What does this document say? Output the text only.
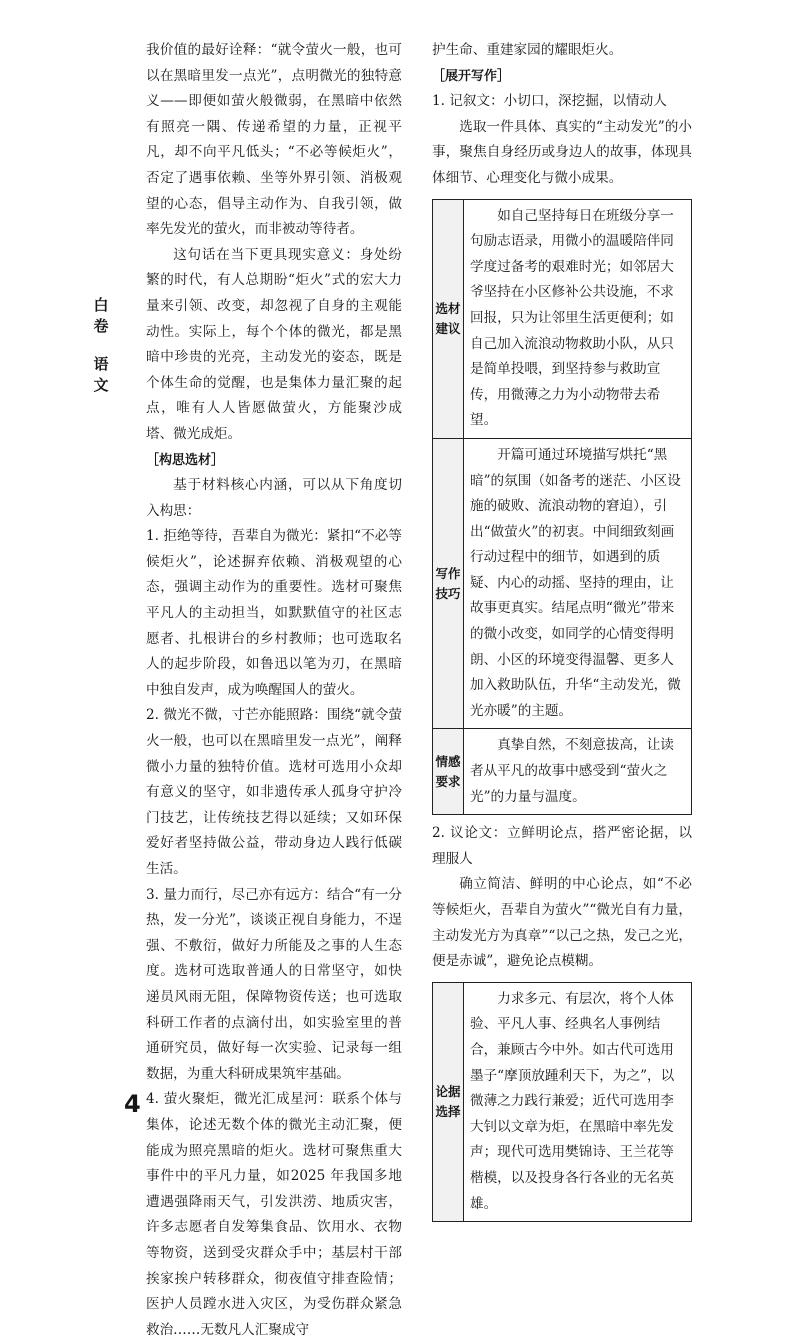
白
卷
语
文

我价值的最好诠释：“就令萤火一般，也可以在黑暗里发一点光”，点明微光的独特意义——即便如萤火般微弱，在黑暗中依然有照亮一隅、传递希望的力量，正视平凡，却不向平凡低头；“不必等候炬火”，否定了遇事依赖、坐等外界引领、消极观望的心态，倡导主动作为、自我引领，做率先发光的萤火，而非被动等待者。

这句话在当下更具现实意义：身处纷繁的时代，有人总期盼“炬火”式的宏大力量来引领、改变，却忽视了自身的主观能动性。实际上，每个个体的微光，都是黑暗中珍贵的光亮，主动发光的姿态，既是个体生命的觉醒，也是集体力量汇聚的起点，唯有人人皆愿做萤火，方能聚沙成塔、微光成炬。

［构思选材］

基于材料核心内涵，可以从下角度切入构思：

1. 拒绝等待，吾辈自为微光：紧扣“不必等候炬火”，论述摒弃依赖、消极观望的心态，强调主动作为的重要性。选材可聚焦平凡人的主动担当，如默默值守的社区志愿者、扎根讲台的乡村教师；也可选取名人的起步阶段，如鲁迅以笔为刃，在黑暗中独自发声，成为唤醒国人的萤火。

2. 微光不微，寸芒亦能照路：围绕“就令萤火一般，也可以在黑暗里发一点光”，阐释微小力量的独特价值。选材可选用小众却有意义的坚守，如非遗传承人孤身守护冷门技艺，让传统技艺得以延续；又如环保爱好者坚持做公益，带动身边人践行低碳生活。

3. 量力而行，尽己亦有远方：结合“有一分热，发一分光”，谈谈正视自身能力，不逞强、不敷衍，做好力所能及之事的人生态度。选材可选取普通人的日常坚守，如快递员风雨无阻，保障物资传送；也可选取科研工作者的点滴付出，如实验室里的普通研究员，做好每一次实验、记录每一组数据，为重大科研成果筑牢基础。

4. 萤火聚炬，微光汇成星河：联系个体与集体，论述无数个体的微光主动汇聚，便能成为照亮黑暗的炬火。选材可聚焦重大事件中的平凡力量，如2025 年我国多地遭遇强降雨天气，引发洪涝、地质灾害，许多志愿者自发筹集食品、饮用水、衣物等物资，送到受灾群众手中；基层村干部挨家挨户转移群众，彻夜值守排查险情；医护人员蹚水进入灾区，为受伤群众紧急救治……无数凡人汇聚成守

护生命、重建家园的耀眼炬火。

［展开写作］

1. 记叙文：小切口，深挖掘，以情动人

选取一件具体、真实的“主动发光”的小事，聚焦自身经历或身边人的故事，体现具体细节、心理变化与微小成果。

选材建议
如自己坚持每日在班级分享一句励志语录，用微小的温暖陪伴同学度过备考的艰难时光；如邻居大爷坚持在小区修补公共设施，不求回报，只为让邻里生活更便利；如自己加入流浪动物救助小队，从只是简单投喂，到坚持参与救助宣传，用微薄之力为小动物带去希望。
写作技巧
开篇可通过环境描写烘托“黑暗”的氛围（如备考的迷茫、小区设施的破败、流浪动物的窘迫），引出“做萤火”的初衷。中间细致刻画行动过程中的细节，如遇到的质疑、内心的动摇、坚持的理由，让故事更真实。结尾点明“微光”带来的微小改变，如同学的心情变得明朗、小区的环境变得温馨、更多人加入救助队伍，升华“主动发光，微光亦暖”的主题。
情感要求
真挚自然，不刻意拔高，让读者从平凡的故事中感受到“萤火之光”的力量与温度。

2. 议论文：立鲜明论点，搭严密论据，以理服人

确立简洁、鲜明的中心论点，如“不必等候炬火，吾辈自为萤火”“微光自有力量，主动发光方为真章”“以己之热，发己之光，便是赤诚”，避免论点模糊。

论据选择
力求多元、有层次，将个人体验、平凡人事、经典名人事例结合，兼顾古今中外。如古代可选用墨子“摩顶放踵利天下，为之”，以微薄之力践行兼爱；近代可选用李大钊以文章为炬，在黑暗中率先发声；现代可选用樊锦诗、王兰花等楷模，以及投身各行各业的无名英雄。
4
